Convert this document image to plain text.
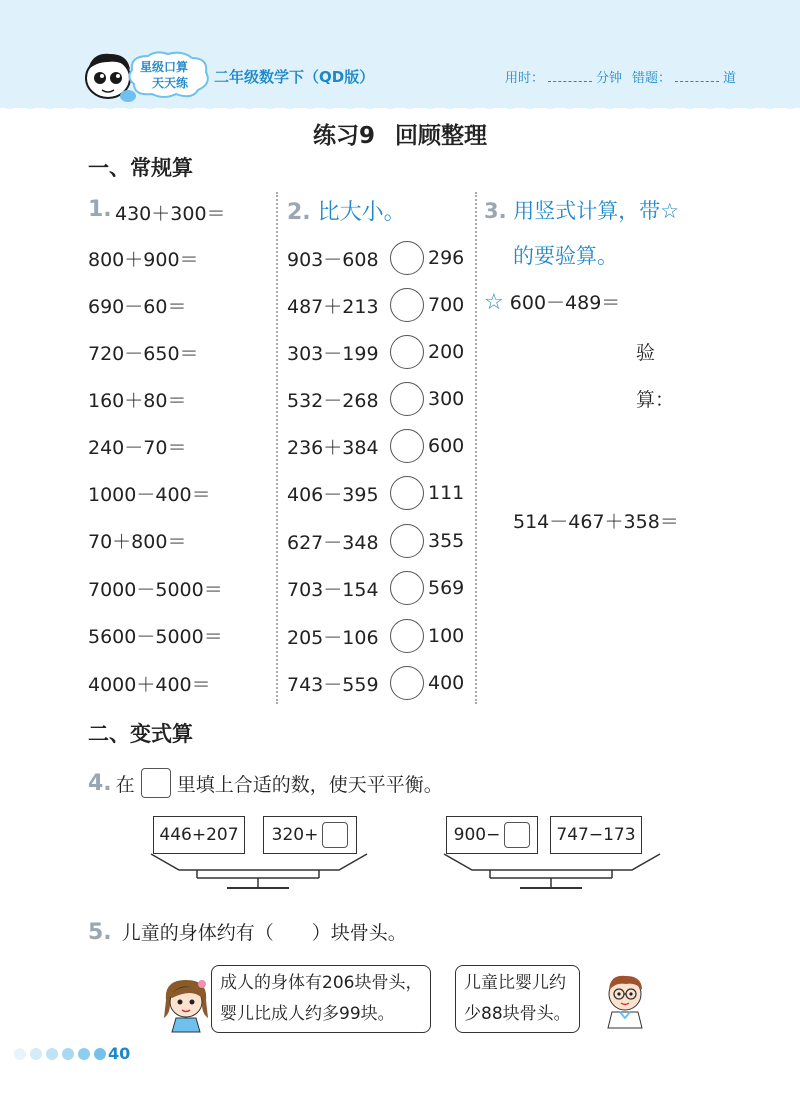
星级口算
天天练 二年级数学下（QD版）	用时：	分钟 错题：	道
练习9 回顾整理
一、常规算
1. 430＋300＝
800＋900＝
690－60＝
720－650＝
160＋80＝
240－70＝
1000－400＝
70＋800＝
7000－5000＝
5600－5000＝
4000＋400＝
2. 比大小。
903－608	296
487＋213	700
303－199	200
532－268	300
236＋384	600
406－395	111
627－348	355
703－154	569
205－106	100
743－559	400
3. 用竖式计算，带☆
的要验算。
☆ 600－489＝
验
算：
514－467＋358＝
二、变式算
4. 在 里填上合适的数，使天平平衡。
446+207 320+	900−	747−173
5. 儿童的身体约有（　　）块骨头。
成人的身体有206块骨头，
婴儿比成人约多99块。
儿童比婴儿约
少88块骨头。
40
